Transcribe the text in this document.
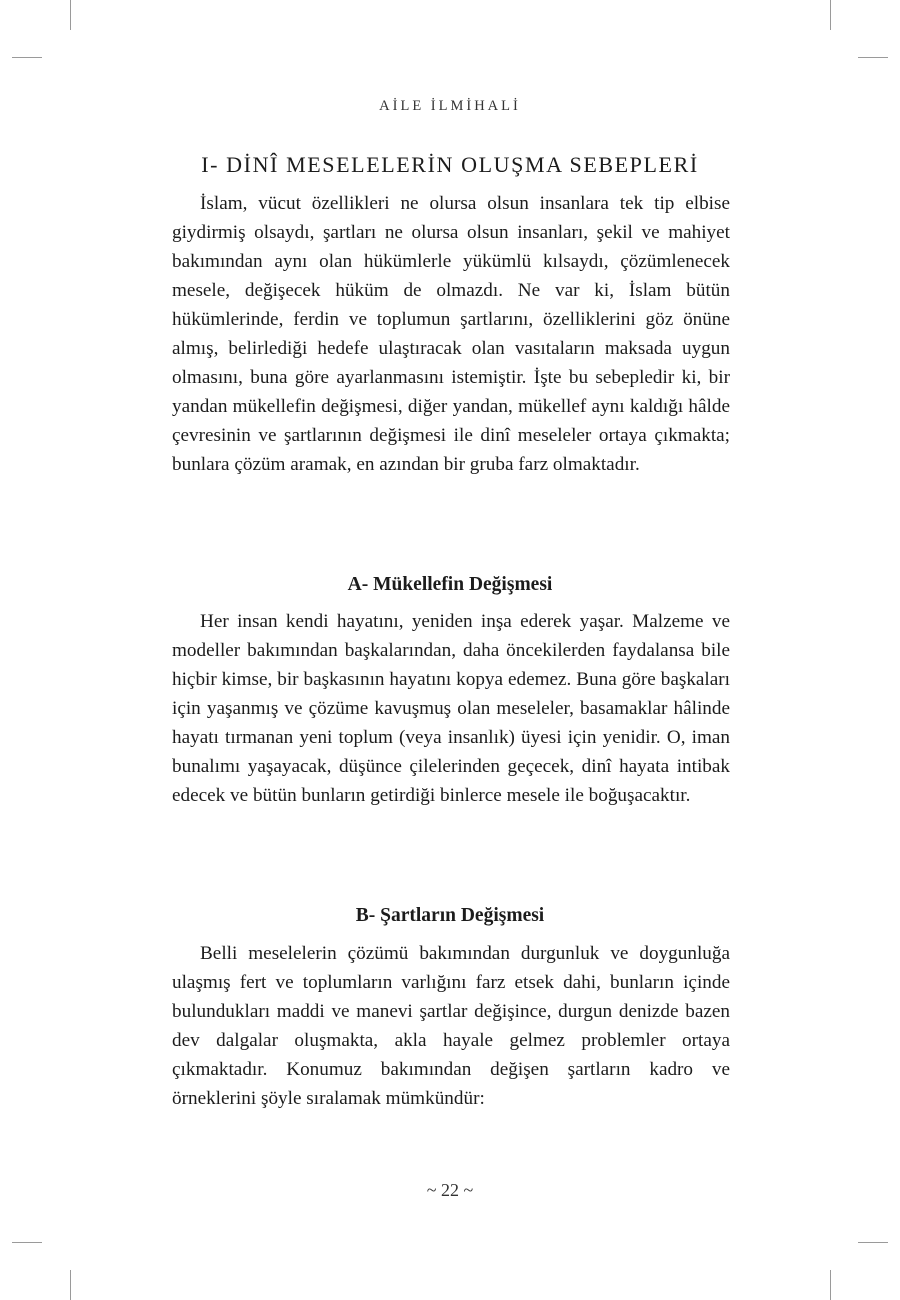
AİLE İLMİHALİ
I- DİNÎ MESELELERİN OLUŞMA SEBEPLERİ

İslam, vücut özellikleri ne olursa olsun insanlara tek tip elbise giydirmiş olsaydı, şartları ne olursa olsun insanları, şekil ve mahiyet bakımından aynı olan hükümlerle yükümlü kılsaydı, çözümlenecek mesele, değişecek hüküm de olmazdı. Ne var ki, İslam bütün hükümlerinde, ferdin ve toplumun şartlarını, özelliklerini göz önüne almış, belirlediği hedefe ulaştıracak olan vasıtaların maksada uygun olmasını, buna göre ayarlanmasını istemiştir. İşte bu sebepledir ki, bir yandan mükellefin değişmesi, diğer yandan, mükellef aynı kaldığı hâlde çevresinin ve şartlarının değişmesi ile dinî meseleler ortaya çıkmakta; bunlara çözüm aramak, en azından bir gruba farz olmaktadır.

A- Mükellefin Değişmesi

Her insan kendi hayatını, yeniden inşa ederek yaşar. Malzeme ve modeller bakımından başkalarından, daha öncekilerden faydalansa bile hiçbir kimse, bir başkasının hayatını kopya edemez. Buna göre başkaları için yaşanmış ve çözüme kavuşmuş olan meseleler, basamaklar hâlinde hayatı tırmanan yeni toplum (veya insanlık) üyesi için yenidir. O, iman bunalımı yaşayacak, düşünce çilelerinden geçecek, dinî hayata intibak edecek ve bütün bunların getirdiği binlerce mesele ile boğuşacaktır.

B- Şartların Değişmesi

Belli meselelerin çözümü bakımından durgunluk ve doygunluğa ulaşmış fert ve toplumların varlığını farz etsek dahi, bunların içinde bulundukları maddi ve manevi şartlar değişince, durgun denizde bazen dev dalgalar oluşmakta, akla hayale gelmez problemler ortaya çıkmaktadır. Konumuz bakımından değişen şartların kadro ve örneklerini şöyle sıralamak mümkündür:

~ 22 ~
